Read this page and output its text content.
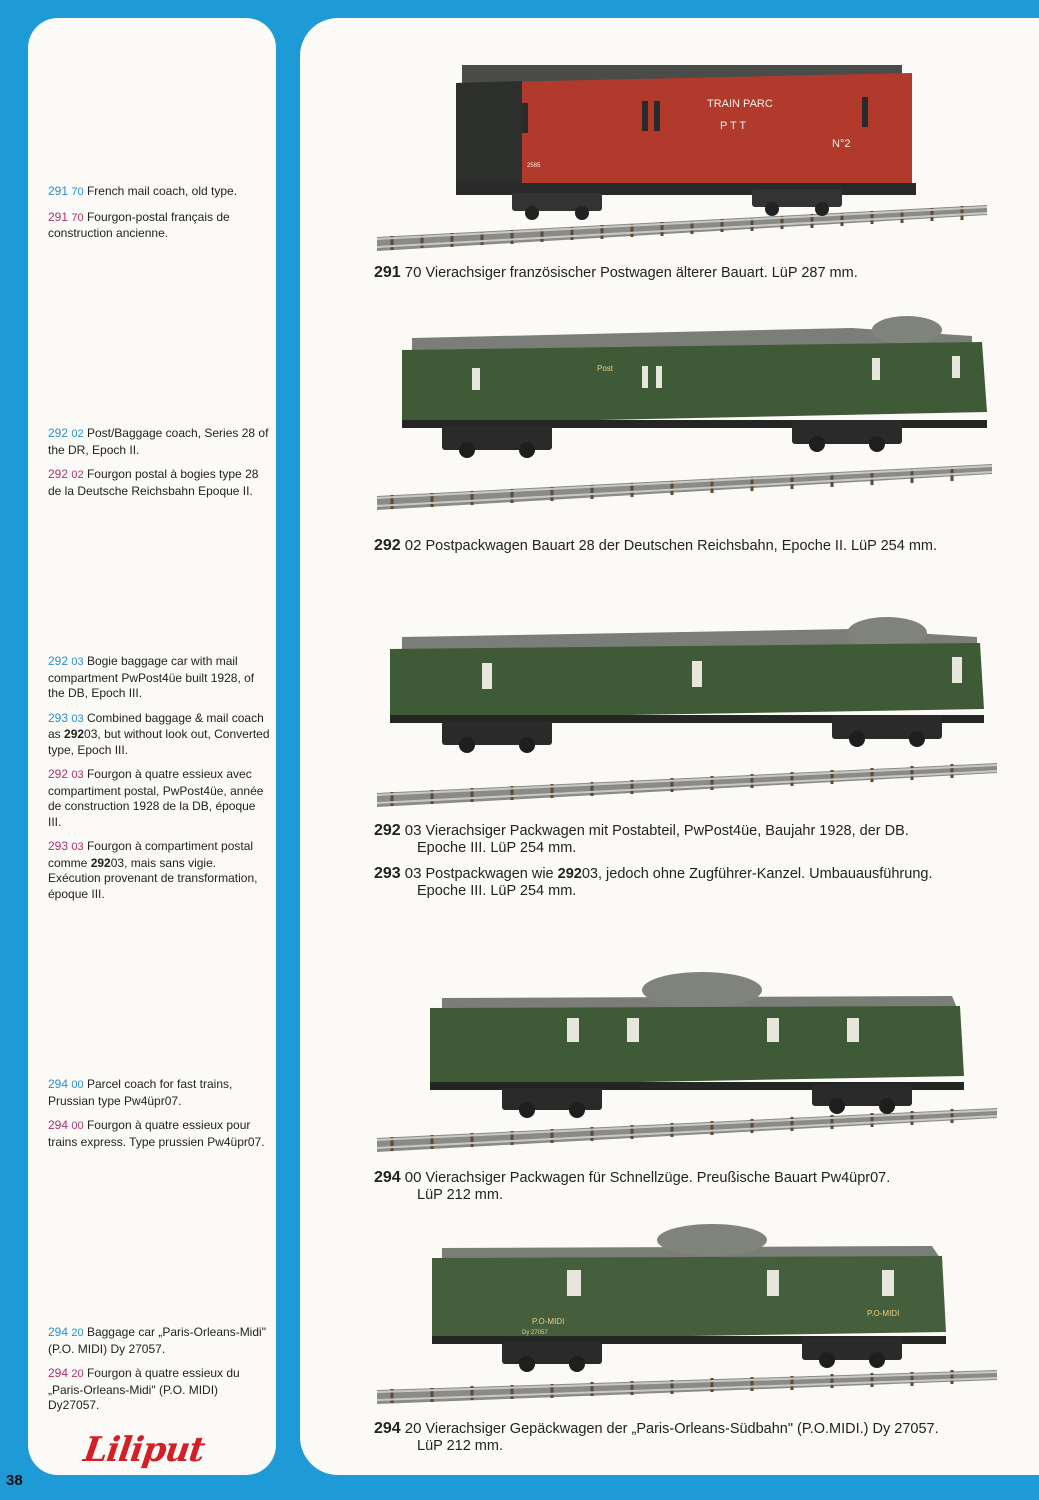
291 70 French mail coach, old type.

291 70 Fourgon-postal français de construction ancienne.

292 02 Post/Baggage coach, Series 28 of the DR, Epoch II.

292 02 Fourgon postal à bogies type 28 de la Deutsche Reichsbahn Epoque II.

292 03 Bogie baggage car with mail compartment PwPost4üe built 1928, of the DB, Epoch III.

293 03 Combined baggage & mail coach as 29203, but without look out, Converted type, Epoch III.

292 03 Fourgon à quatre essieux avec compartiment postal, PwPost4üe, année de construction 1928 de la DB, époque III.

293 03 Fourgon à compartiment postal comme 29203, mais sans vigie. Exécution provenant de transformation, époque III.

294 00 Parcel coach for fast trains, Prussian type Pw4üpr07.

294 00 Fourgon à quatre essieux pour trains express. Type prussien Pw4üpr07.

294 20 Baggage car „Paris-Orleans-Midi" (P.O. MIDI) Dy 27057.

294 20 Fourgon à quatre essieux du „Paris-Orleans-Midi" (P.O. MIDI) Dy27057.

291 70 Vierachsiger französischer Postwagen älterer Bauart. LüP 287 mm.

292 02 Postpackwagen Bauart 28 der Deutschen Reichsbahn, Epoche II. LüP 254 mm.

292 03 Vierachsiger Packwagen mit Postabteil, PwPost4üe, Baujahr 1928, der DB.

Epoche III. LüP 254 mm.

293 03 Postpackwagen wie 29203, jedoch ohne Zugführer-Kanzel. Umbauausführung.

Epoche III. LüP 254 mm.

294 00 Vierachsiger Packwagen für Schnellzüge. Preußische Bauart Pw4üpr07.

LüP 212 mm.

294 20 Vierachsiger Gepäckwagen der „Paris-Orleans-Südbahn" (P.O.MIDI.) Dy 27057.

LüP 212 mm.

TRAIN PARC
P T T
N°2
2585
Post
P.O-MIDI
P.O-MIDI
Dy 27057
Liliput
38
